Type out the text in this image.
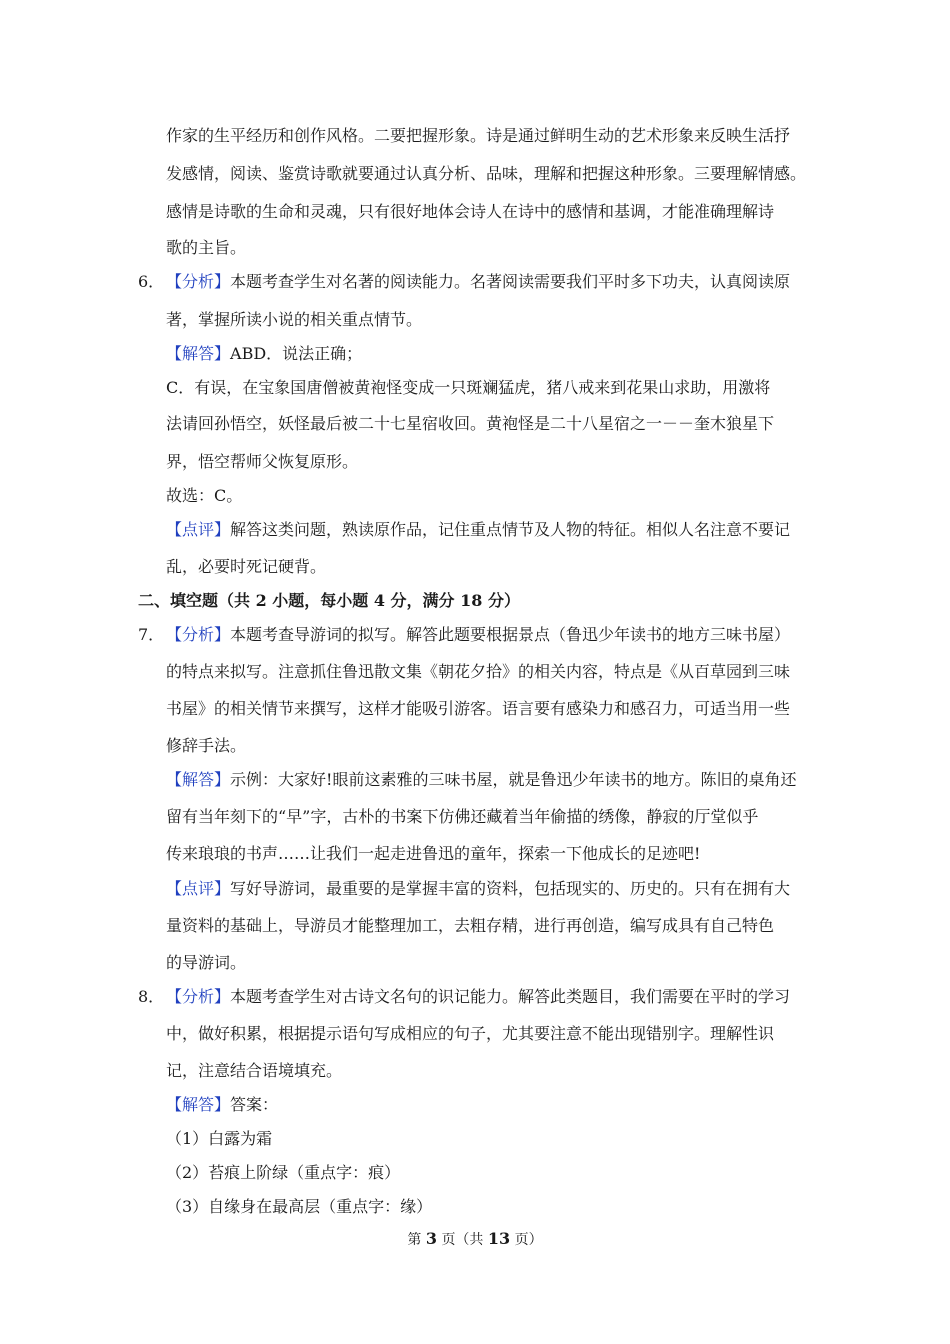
作家的生平经历和创作风格。二要把握形象。诗是通过鲜明生动的艺术形象来反映生活抒
发感情，阅读、鉴赏诗歌就要通过认真分析、品味，理解和把握这种形象。三要理解情感。
感情是诗歌的生命和灵魂，只有很好地体会诗人在诗中的感情和基调，才能准确理解诗
歌的主旨。
6． 【分析】本题考查学生对名著的阅读能力。名著阅读需要我们平时多下功夫，认真阅读原
著，掌握所读小说的相关重点情节。
【解答】ABD．说法正确；
C．有误，在宝象国唐僧被黄袍怪变成一只斑斓猛虎，猪八戒来到花果山求助，用激将
法请回孙悟空，妖怪最后被二十七星宿收回。黄袍怪是二十八星宿之一－－奎木狼星下
界，悟空帮师父恢复原形。
故选：C。
【点评】解答这类问题，熟读原作品，记住重点情节及人物的特征。相似人名注意不要记
乱，必要时死记硬背。
二、填空题（共 2 小题，每小题 4 分，满分 18 分）
7． 【分析】本题考查导游词的拟写。解答此题要根据景点（鲁迅少年读书的地方三味书屋）
的特点来拟写。注意抓住鲁迅散文集《朝花夕拾》的相关内容，特点是《从百草园到三味
书屋》的相关情节来撰写，这样才能吸引游客。语言要有感染力和感召力，可适当用一些
修辞手法。
【解答】示例：大家好!眼前这素雅的三味书屋，就是鲁迅少年读书的地方。陈旧的桌角还
留有当年刻下的“早”字，古朴的书案下仿佛还藏着当年偷描的绣像，静寂的厅堂似乎
传来琅琅的书声……让我们一起走进鲁迅的童年，探索一下他成长的足迹吧!
【点评】写好导游词，最重要的是掌握丰富的资料，包括现实的、历史的。只有在拥有大
量资料的基础上，导游员才能整理加工，去粗存精，进行再创造，编写成具有自己特色
的导游词。
8． 【分析】本题考查学生对古诗文名句的识记能力。解答此类题目，我们需要在平时的学习
中，做好积累，根据提示语句写成相应的句子，尤其要注意不能出现错别字。理解性识
记，注意结合语境填充。
【解答】答案：
（1）白露为霜
（2）苔痕上阶绿（重点字：痕）
（3）自缘身在最高层（重点字：缘）
第 3 页（共 13 页）
